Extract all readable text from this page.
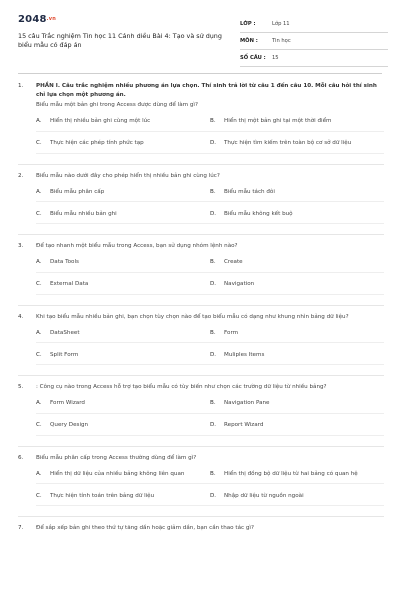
2048.vn
15 câu Trắc nghiệm Tin học 11 Cánh diều Bài 4: Tạo và sử dụng biểu mẫu có đáp án
LỚP :	Lớp 11
MÔN :	Tin học
SỐ CÂU :	15
1.	PHẦN I. Câu trắc nghiệm nhiều phương án lựa chọn. Thí sinh trả lời từ câu 1 đến câu 10. Mỗi câu hỏi thí sinh chỉ lựa chọn một phương án.
Biểu mẫu một bản ghi trong Access được dùng để làm gì?
A.	Hiển thị nhiều bản ghi cùng một lúc	B.	Hiển thị một bản ghi tại một thời điểm
C.	Thực hiện các phép tính phức tạp	D.	Thực hiện tìm kiếm trên toàn bộ cơ sở dữ liệu
2.	Biểu mẫu nào dưới đây cho phép hiển thị nhiều bản ghi cùng lúc?
A.	Biểu mẫu phân cấp	B.	Biểu mẫu tách đôi
C.	Biểu mẫu nhiều bản ghi	D.	Biểu mẫu không kết buộ
3.	Để tạo nhanh một biểu mẫu trong Access, bạn sử dụng nhóm lệnh nào?
A.	Data Tools	B.	Create
C.	External Data	D.	Navigation
4.	Khi tạo biểu mẫu nhiều bản ghi, bạn chọn tùy chọn nào để tạo biểu mẫu có dạng như khung nhìn bảng dữ liệu?
A.	DataSheet	B.	Form
C.	Split Form	D.	Muliples Items
5.	: Công cụ nào trong Access hỗ trợ tạo biểu mẫu có tùy biến như chọn các trường dữ liệu từ nhiều bảng?
A.	Form Wizard	B.	Navigation Pane
C.	Query Design	D.	Report Wizard
6.	Biểu mẫu phân cấp trong Access thường dùng để làm gì?
A.	Hiển thị dữ liệu của nhiều bảng không liên quan	B.	Hiển thị đồng bộ dữ liệu từ hai bảng có quan hệ
C.	Thực hiện tính toán trên bảng dữ liệu	D.	Nhập dữ liệu từ nguồn ngoài
7.	Để sắp xếp bản ghi theo thứ tự tăng dần hoặc giảm dần, bạn cần thao tác gì?
